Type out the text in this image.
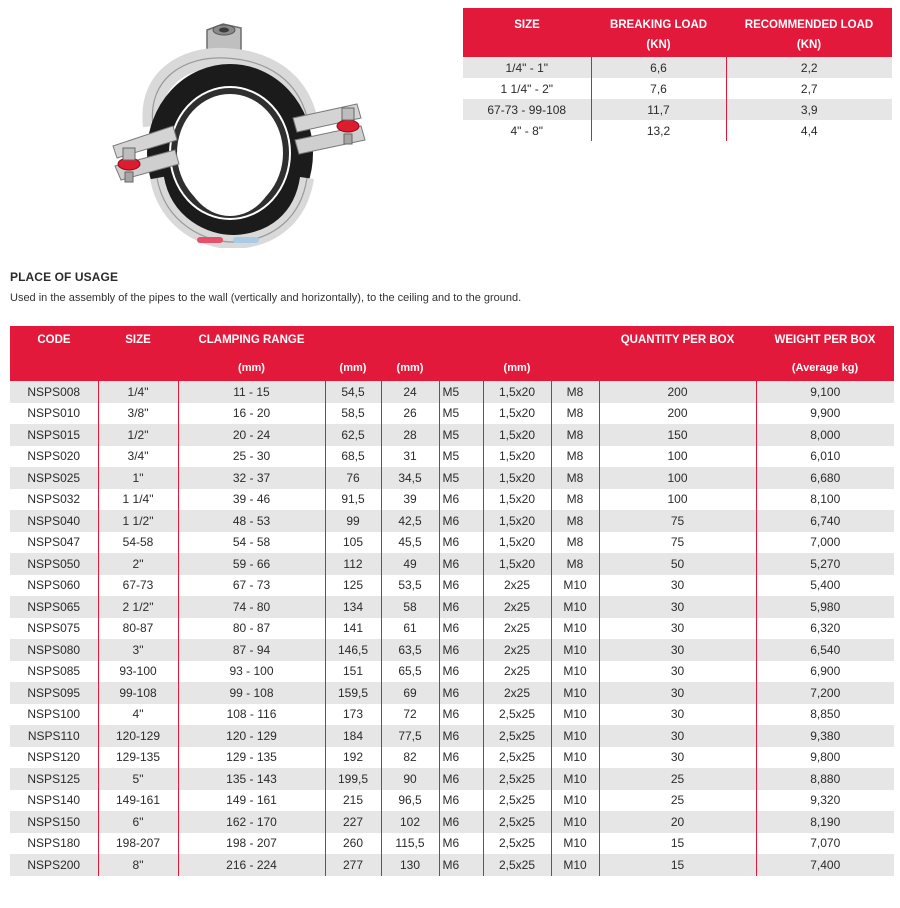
SIZE	BREAKING LOAD	RECOMMENDED LOAD
	(KN)	(KN)
1/4" - 1"	6,6	2,2
1 1/4" - 2"	7,6	2,7
67-73 - 99-108	11,7	3,9
4" - 8"	13,2	4,4
PLACE OF USAGE
Used in the assembly of the pipes to the wall (vertically and horizontally), to the ceiling and to the ground.
CODE	SIZE	CLAMPING RANGE						QUANTITY PER BOX	WEIGHT PER BOX
		(mm)	(mm)	(mm)		(mm)			(Average kg)
NSPS008	1/4"	11 - 15	54,5	24	M5	1,5x20	M8	200	9,100
NSPS010	3/8"	16 - 20	58,5	26	M5	1,5x20	M8	200	9,900
NSPS015	1/2"	20 - 24	62,5	28	M5	1,5x20	M8	150	8,000
NSPS020	3/4"	25 - 30	68,5	31	M5	1,5x20	M8	100	6,010
NSPS025	1"	32 - 37	76	34,5	M5	1,5x20	M8	100	6,680
NSPS032	1 1/4"	39 - 46	91,5	39	M6	1,5x20	M8	100	8,100
NSPS040	1 1/2"	48 - 53	99	42,5	M6	1,5x20	M8	75	6,740
NSPS047	54-58	54 - 58	105	45,5	M6	1,5x20	M8	75	7,000
NSPS050	2"	59 - 66	112	49	M6	1,5x20	M8	50	5,270
NSPS060	67-73	67 - 73	125	53,5	M6	2x25	M10	30	5,400
NSPS065	2 1/2"	74 - 80	134	58	M6	2x25	M10	30	5,980
NSPS075	80-87	80 - 87	141	61	M6	2x25	M10	30	6,320
NSPS080	3"	87 - 94	146,5	63,5	M6	2x25	M10	30	6,540
NSPS085	93-100	93 - 100	151	65,5	M6	2x25	M10	30	6,900
NSPS095	99-108	99 - 108	159,5	69	M6	2x25	M10	30	7,200
NSPS100	4"	108 - 116	173	72	M6	2,5x25	M10	30	8,850
NSPS110	120-129	120 - 129	184	77,5	M6	2,5x25	M10	30	9,380
NSPS120	129-135	129 - 135	192	82	M6	2,5x25	M10	30	9,800
NSPS125	5"	135 - 143	199,5	90	M6	2,5x25	M10	25	8,880
NSPS140	149-161	149 - 161	215	96,5	M6	2,5x25	M10	25	9,320
NSPS150	6"	162 - 170	227	102	M6	2,5x25	M10	20	8,190
NSPS180	198-207	198 - 207	260	115,5	M6	2,5x25	M10	15	7,070
NSPS200	8"	216 - 224	277	130	M6	2,5x25	M10	15	7,400
